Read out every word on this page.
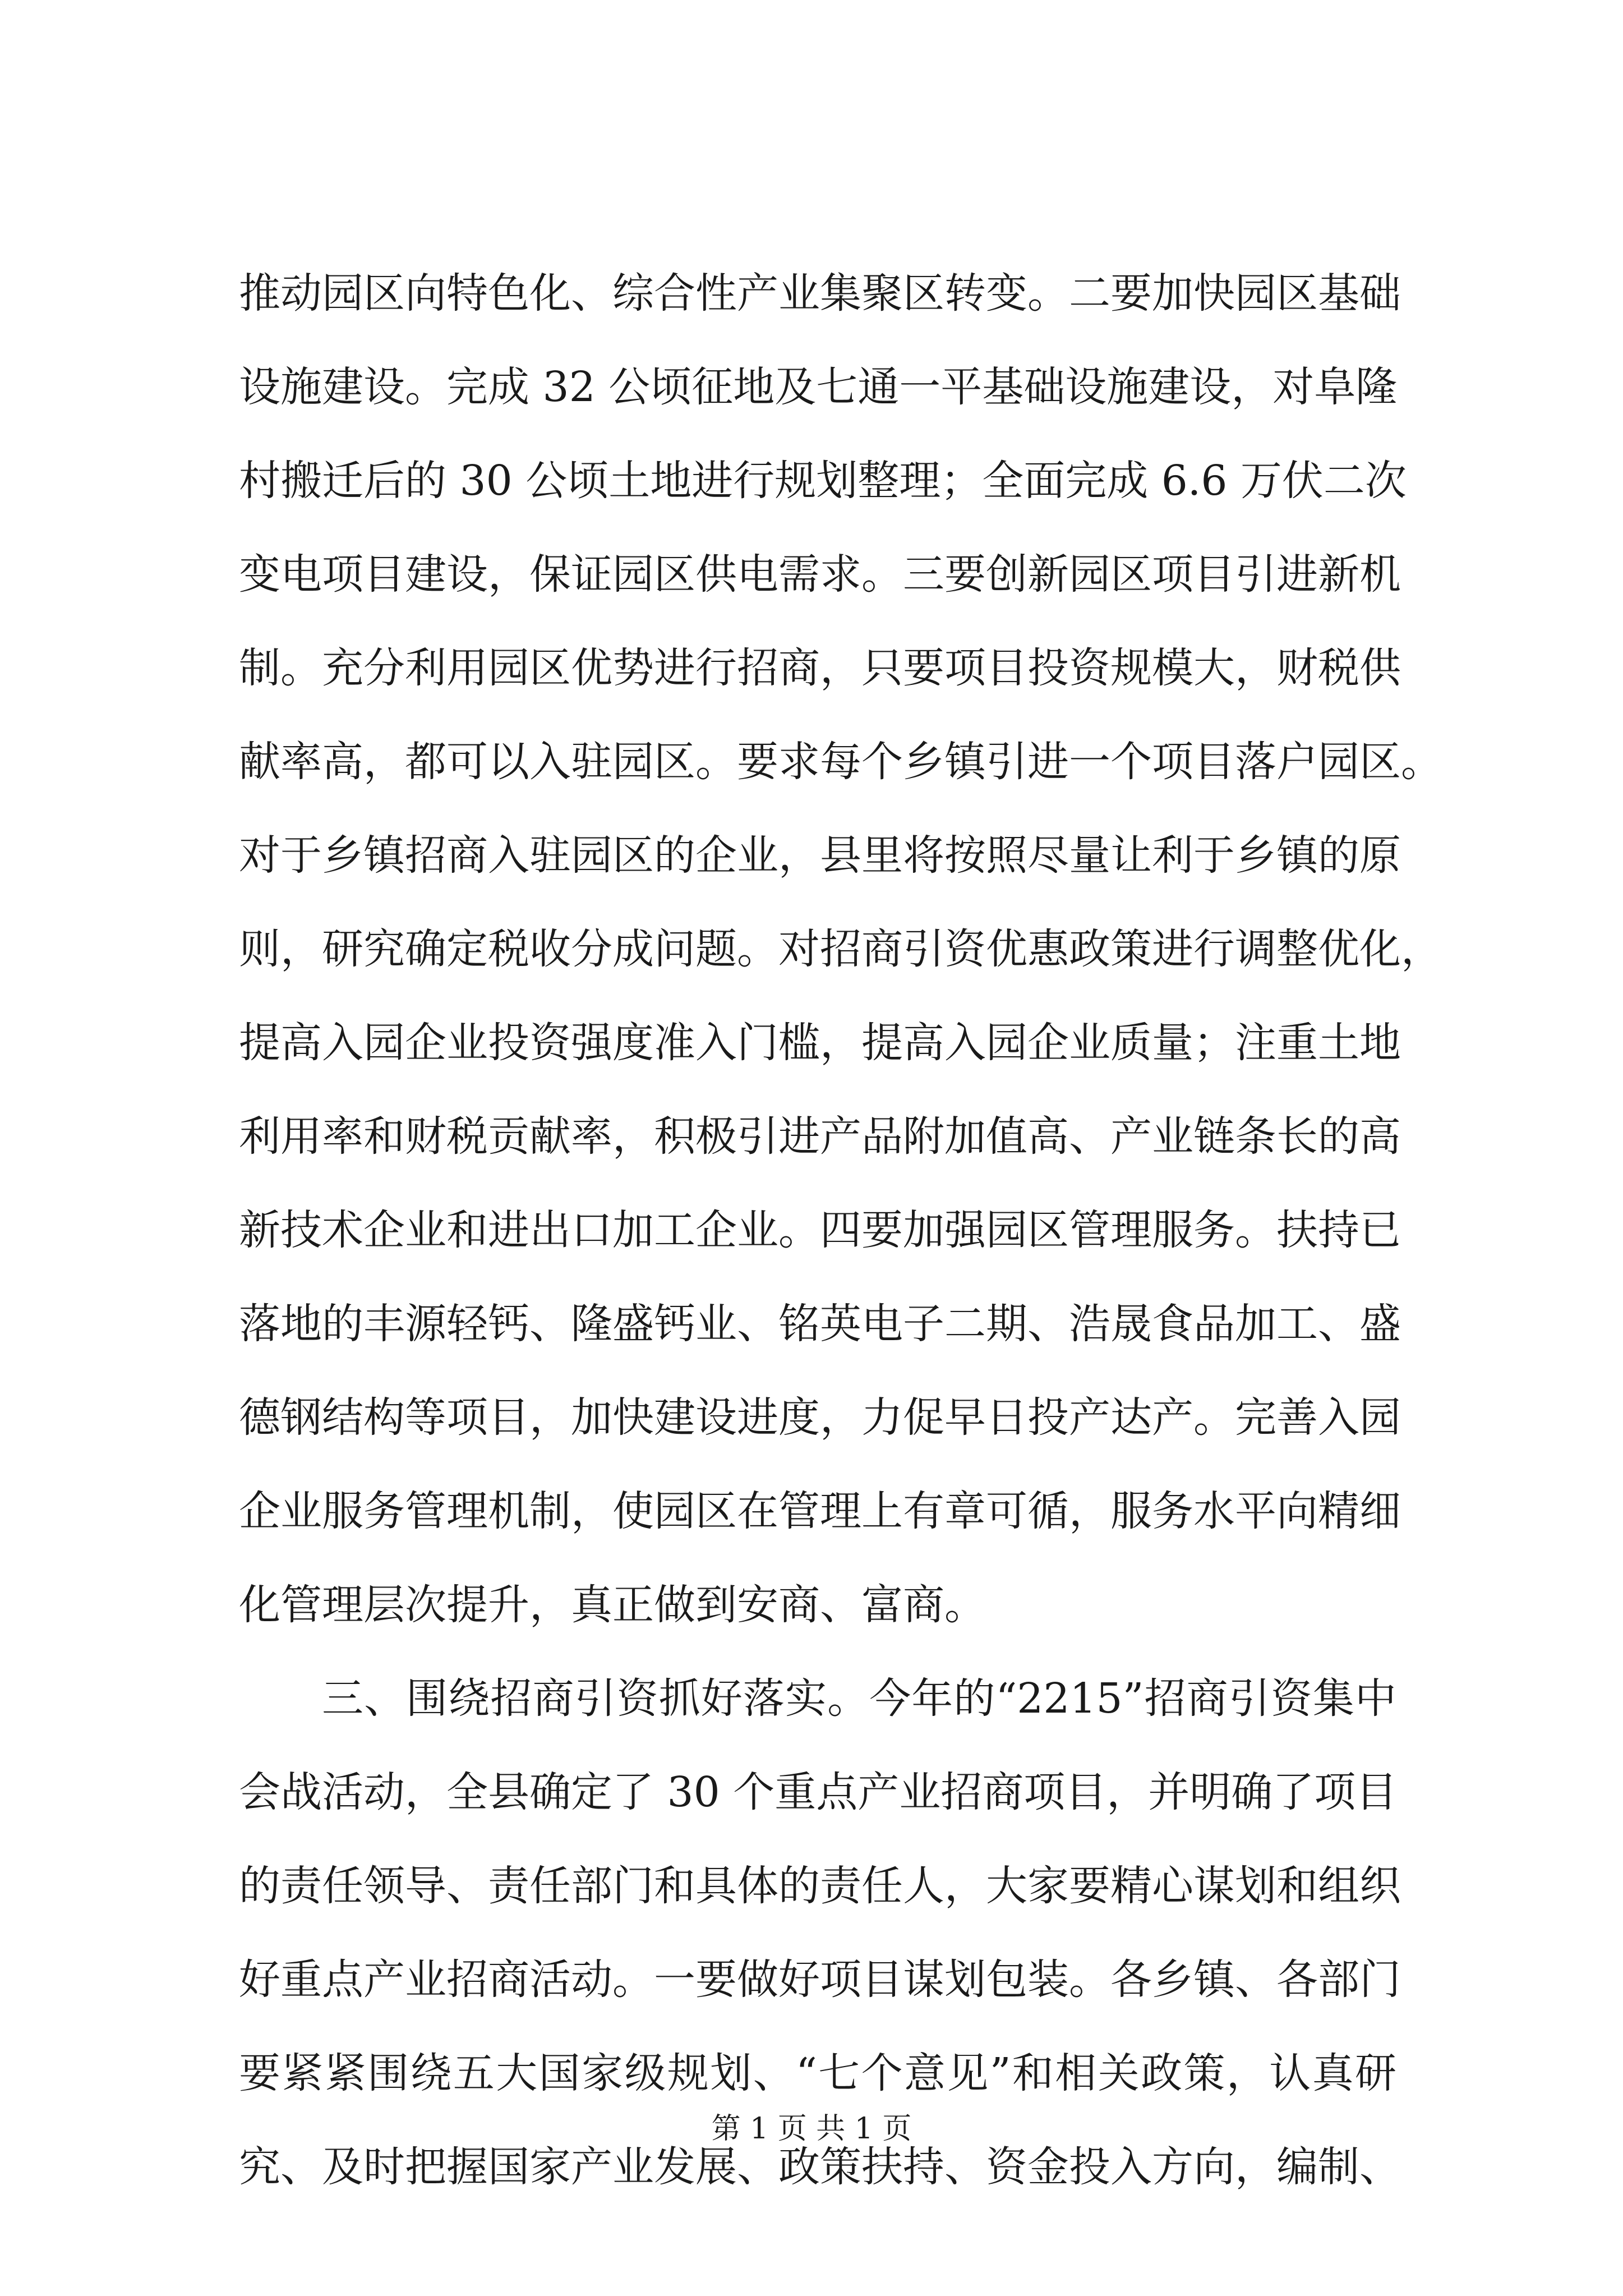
推动园区向特色化、综合性产业集聚区转变。二要加快园区基础
设施建设。完成 32 公顷征地及七通一平基础设施建设，对阜隆
村搬迁后的 30 公顷土地进行规划整理；全面完成 6.6 万伏二次
变电项目建设，保证园区供电需求。三要创新园区项目引进新机
制。充分利用园区优势进行招商，只要项目投资规模大，财税供
献率高，都可以入驻园区。要求每个乡镇引进一个项目落户园区。
对于乡镇招商入驻园区的企业，县里将按照尽量让利于乡镇的原
则，研究确定税收分成问题。对招商引资优惠政策进行调整优化，
提高入园企业投资强度准入门槛，提高入园企业质量；注重土地
利用率和财税贡献率，积极引进产品附加值高、产业链条长的高
新技术企业和进出口加工企业。四要加强园区管理服务。扶持已
落地的丰源轻钙、隆盛钙业、铭英电子二期、浩晟食品加工、盛
德钢结构等项目，加快建设进度，力促早日投产达产。完善入园
企业服务管理机制，使园区在管理上有章可循，服务水平向精细
化管理层次提升，真正做到安商、富商。
三、围绕招商引资抓好落实。今年的“2215”招商引资集中
会战活动，全县确定了 30 个重点产业招商项目，并明确了项目
的责任领导、责任部门和具体的责任人，大家要精心谋划和组织
好重点产业招商活动。一要做好项目谋划包装。各乡镇、各部门
要紧紧围绕五大国家级规划、“七个意见”和相关政策，认真研
究、及时把握国家产业发展、政策扶持、资金投入方向，编制、
第 1 页 共 1 页
